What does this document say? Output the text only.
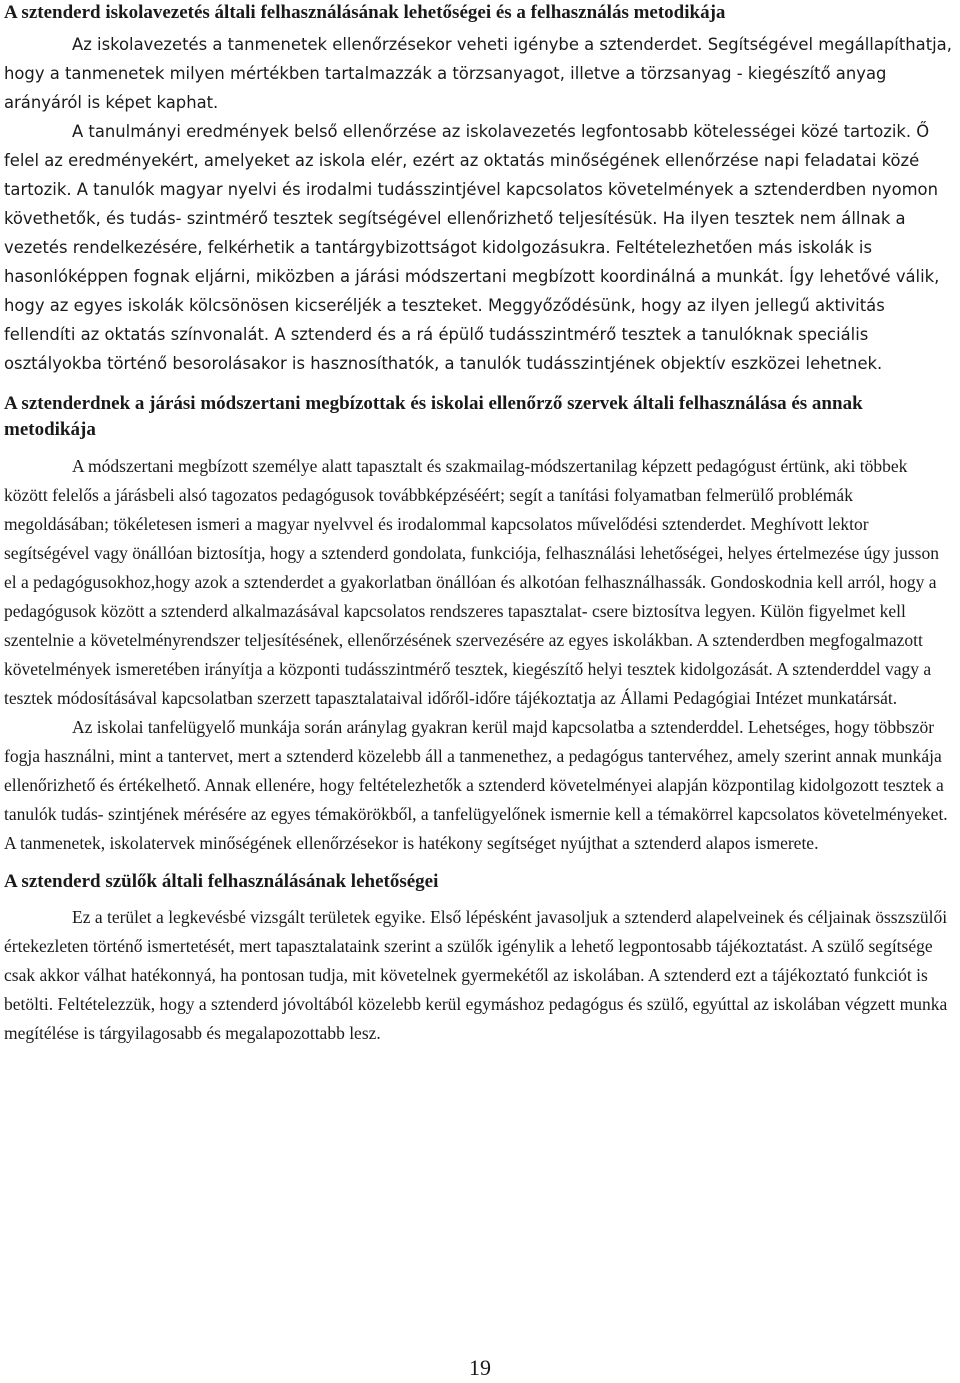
A sztenderd iskolavezetés általi felhasználásának lehetőségei és a felhasználás metodikája

Az iskolavezetés a tanmenetek ellenőrzésekor veheti igénybe a sztenderdet. Segítségével megállapíthatja, hogy a tanmenetek milyen mértékben tartalmazzák a törzsanyagot, illetve a törzsanyag - kiegészítő anyag arányáról is képet kaphat.

A tanulmányi eredmények belső ellenőrzése az iskolavezetés legfontosabb kötelességei közé tartozik. Ő felel az eredményekért, amelyeket az iskola elér, ezért az oktatás minőségének ellenőrzése napi feladatai közé tartozik. A tanulók magyar nyelvi és irodalmi tudásszintjével kapcsolatos követelmények a sztenderdben nyomon követhetők, és tudás- szintmérő tesztek segítségével ellenőrizhető teljesítésük. Ha ilyen tesztek nem állnak a vezetés rendelkezésére, felkérhetik a tantárgybizottságot kidolgozásukra. Feltételezhetően más iskolák is hasonlóképpen fognak eljárni, miközben a járási módszertani megbízott koordinálná a munkát. Így lehetővé válik, hogy az egyes iskolák kölcsönösen kicseréljék a teszteket. Meggyőződésünk, hogy az ilyen jellegű aktivitás fellendíti az oktatás színvonalát. A sztenderd és a rá épülő tudásszintmérő tesztek a tanulóknak speciális osztályokba történő besorolásakor is hasznosíthatók, a tanulók tudásszintjének objektív eszközei lehetnek.

A sztenderdnek a járási módszertani megbízottak és iskolai ellenőrző szervek általi felhasználása és annak metodikája

A módszertani megbízott személye alatt tapasztalt és szakmailag-módszertanilag képzett pedagógust értünk, aki többek között felelős a járásbeli alsó tagozatos pedagógusok továbbképzéséért; segít a tanítási folyamatban felmerülő problémák megoldásában; tökéletesen ismeri a magyar nyelvvel és irodalommal kapcsolatos művelődési sztenderdet. Meghívott lektor segítségével vagy önállóan biztosítja, hogy a sztenderd gondolata, funkciója, felhasználási lehetőségei, helyes értelmezése úgy jusson el a pedagógusokhoz,hogy azok a sztenderdet a gyakorlatban önállóan és alkotóan felhasználhassák. Gondoskodnia kell arról, hogy a pedagógusok között a sztenderd alkalmazásával kapcsolatos rendszeres tapasztalat- csere biztosítva legyen. Külön figyelmet kell szentelnie a követelményrendszer teljesítésének, ellenőrzésének szervezésére az egyes iskolákban. A sztenderdben megfogalmazott követelmények ismeretében irányítja a központi tudásszintmérő tesztek, kiegészítő helyi tesztek kidolgozását. A sztenderddel vagy a tesztek módosításával kapcsolatban szerzett tapasztalataival időről-időre tájékoztatja az Állami Pedagógiai Intézet munkatársát.

Az iskolai tanfelügyelő munkája során aránylag gyakran kerül majd kapcsolatba a sztenderddel. Lehetséges, hogy többször fogja használni, mint a tantervet, mert a sztenderd közelebb áll a tanmenethez, a pedagógus tantervéhez, amely szerint annak munkája ellenőrizhető és értékelhető. Annak ellenére, hogy feltételezhetők a sztenderd követelményei alapján központilag kidolgozott tesztek a tanulók tudás- szintjének mérésére az egyes témakörökből, a tanfelügyelőnek ismernie kell a témakörrel kapcsolatos követelményeket. A tanmenetek, iskolatervek minőségének ellenőrzésekor is hatékony segítséget nyújthat a sztenderd alapos ismerete.

A sztenderd szülők általi felhasználásának lehetőségei

Ez a terület a legkevésbé vizsgált területek egyike. Első lépésként javasoljuk a sztenderd alapelveinek és céljainak összszülői értekezleten történő ismertetését, mert tapasztalataink szerint a szülők igénylik a lehető legpontosabb tájékoztatást. A szülő segítsége csak akkor válhat hatékonnyá, ha pontosan tudja, mit követelnek gyermekétől az iskolában. A sztenderd ezt a tájékoztató funkciót is betölti. Feltételezzük, hogy a sztenderd jóvoltából közelebb kerül egymáshoz pedagógus és szülő, egyúttal az iskolában végzett munka megítélése is tárgyilagosabb és megalapozottabb lesz.

19
